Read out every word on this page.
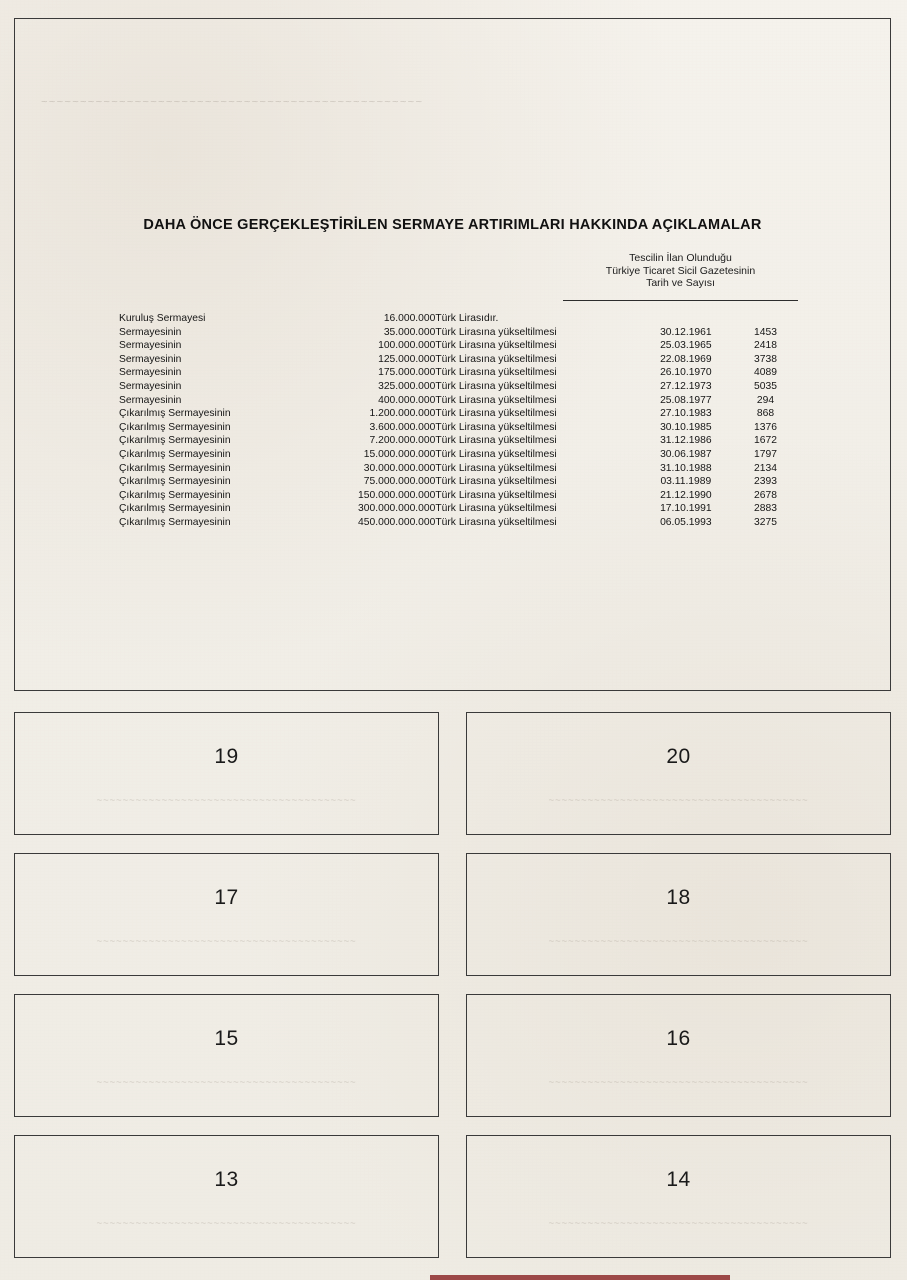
~~~~~~~~~~~~~~~~~~~~~~~~~~~~~~~~~~~~~~~~~~~~~~~~~
DAHA ÖNCE GERÇEKLEŞTİRİLEN SERMAYE ARTIRIMLARI HAKKINDA AÇIKLAMALAR
Tescilin İlan Olunduğu
Türkiye Ticaret Sicil Gazetesinin
Tarih ve Sayısı
Kuruluş Sermayesi	16.000.000	Türk Lirasıdır.		
Sermayesinin	35.000.000	Türk Lirasına yükseltilmesi	30.12.1961	1453
Sermayesinin	100.000.000	Türk Lirasına yükseltilmesi	25.03.1965	2418
Sermayesinin	125.000.000	Türk Lirasına yükseltilmesi	22.08.1969	3738
Sermayesinin	175.000.000	Türk Lirasına yükseltilmesi	26.10.1970	4089
Sermayesinin	325.000.000	Türk Lirasına yükseltilmesi	27.12.1973	5035
Sermayesinin	400.000.000	Türk Lirasına yükseltilmesi	25.08.1977	294
Çıkarılmış Sermayesinin	1.200.000.000	Türk Lirasına yükseltilmesi	27.10.1983	868
Çıkarılmış Sermayesinin	3.600.000.000	Türk Lirasına yükseltilmesi	30.10.1985	1376
Çıkarılmış Sermayesinin	7.200.000.000	Türk Lirasına yükseltilmesi	31.12.1986	1672
Çıkarılmış Sermayesinin	15.000.000.000	Türk Lirasına yükseltilmesi	30.06.1987	1797
Çıkarılmış Sermayesinin	30.000.000.000	Türk Lirasına yükseltilmesi	31.10.1988	2134
Çıkarılmış Sermayesinin	75.000.000.000	Türk Lirasına yükseltilmesi	03.11.1989	2393
Çıkarılmış Sermayesinin	150.000.000.000	Türk Lirasına yükseltilmesi	21.12.1990	2678
Çıkarılmış Sermayesinin	300.000.000.000	Türk Lirasına yükseltilmesi	17.10.1991	2883
Çıkarılmış Sermayesinin	450.000.000.000	Türk Lirasına yükseltilmesi	06.05.1993	3275
19
~~~~~~~~~~~~~~~~~~~~~~~~~~~~~~~~~~~~~~~~
20
~~~~~~~~~~~~~~~~~~~~~~~~~~~~~~~~~~~~~~~~
17
~~~~~~~~~~~~~~~~~~~~~~~~~~~~~~~~~~~~~~~~
18
~~~~~~~~~~~~~~~~~~~~~~~~~~~~~~~~~~~~~~~~
15
~~~~~~~~~~~~~~~~~~~~~~~~~~~~~~~~~~~~~~~~
16
~~~~~~~~~~~~~~~~~~~~~~~~~~~~~~~~~~~~~~~~
13
~~~~~~~~~~~~~~~~~~~~~~~~~~~~~~~~~~~~~~~~
14
~~~~~~~~~~~~~~~~~~~~~~~~~~~~~~~~~~~~~~~~
